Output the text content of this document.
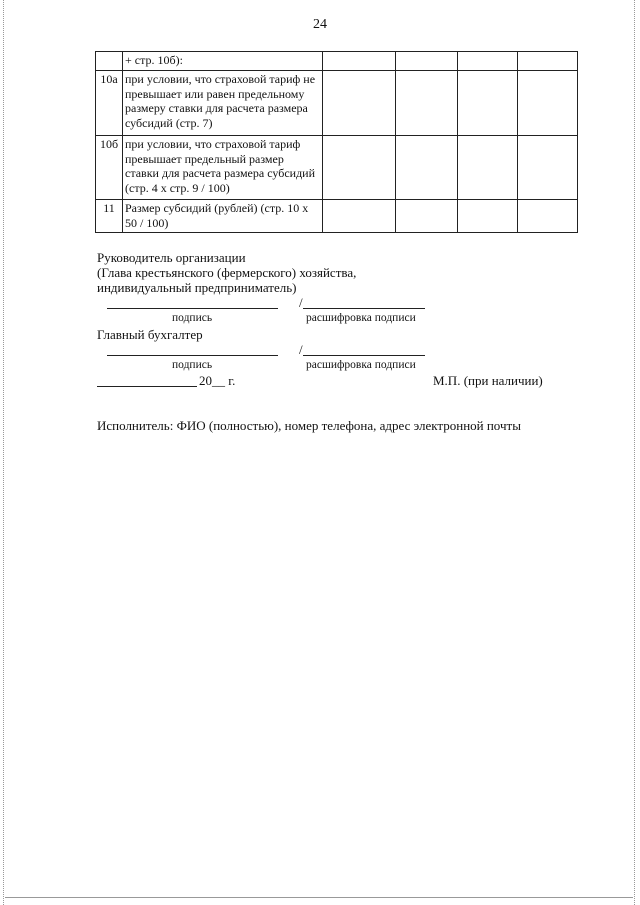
24
	+ стр. 10б):				
10а	при условии, что страховой тариф не превышает или равен предельному размеру ставки для расчета размера субсидий (стр. 7)				
10б	при условии, что страховой тариф превышает предельный размер ставки для расчета размера субсидий (стр. 4 х стр. 9 / 100)				
11	Размер субсидий (рублей) (стр. 10 х 50 / 100)				
Руководитель организации
(Глава крестьянского (фермерского) хозяйства,
индивидуальный предприниматель)
/
подпись	расшифровка подписи
Главный бухгалтер
/
подпись	расшифровка подписи
20__ г.	М.П. (при наличии)
Исполнитель: ФИО (полностью), номер телефона, адрес электронной почты
